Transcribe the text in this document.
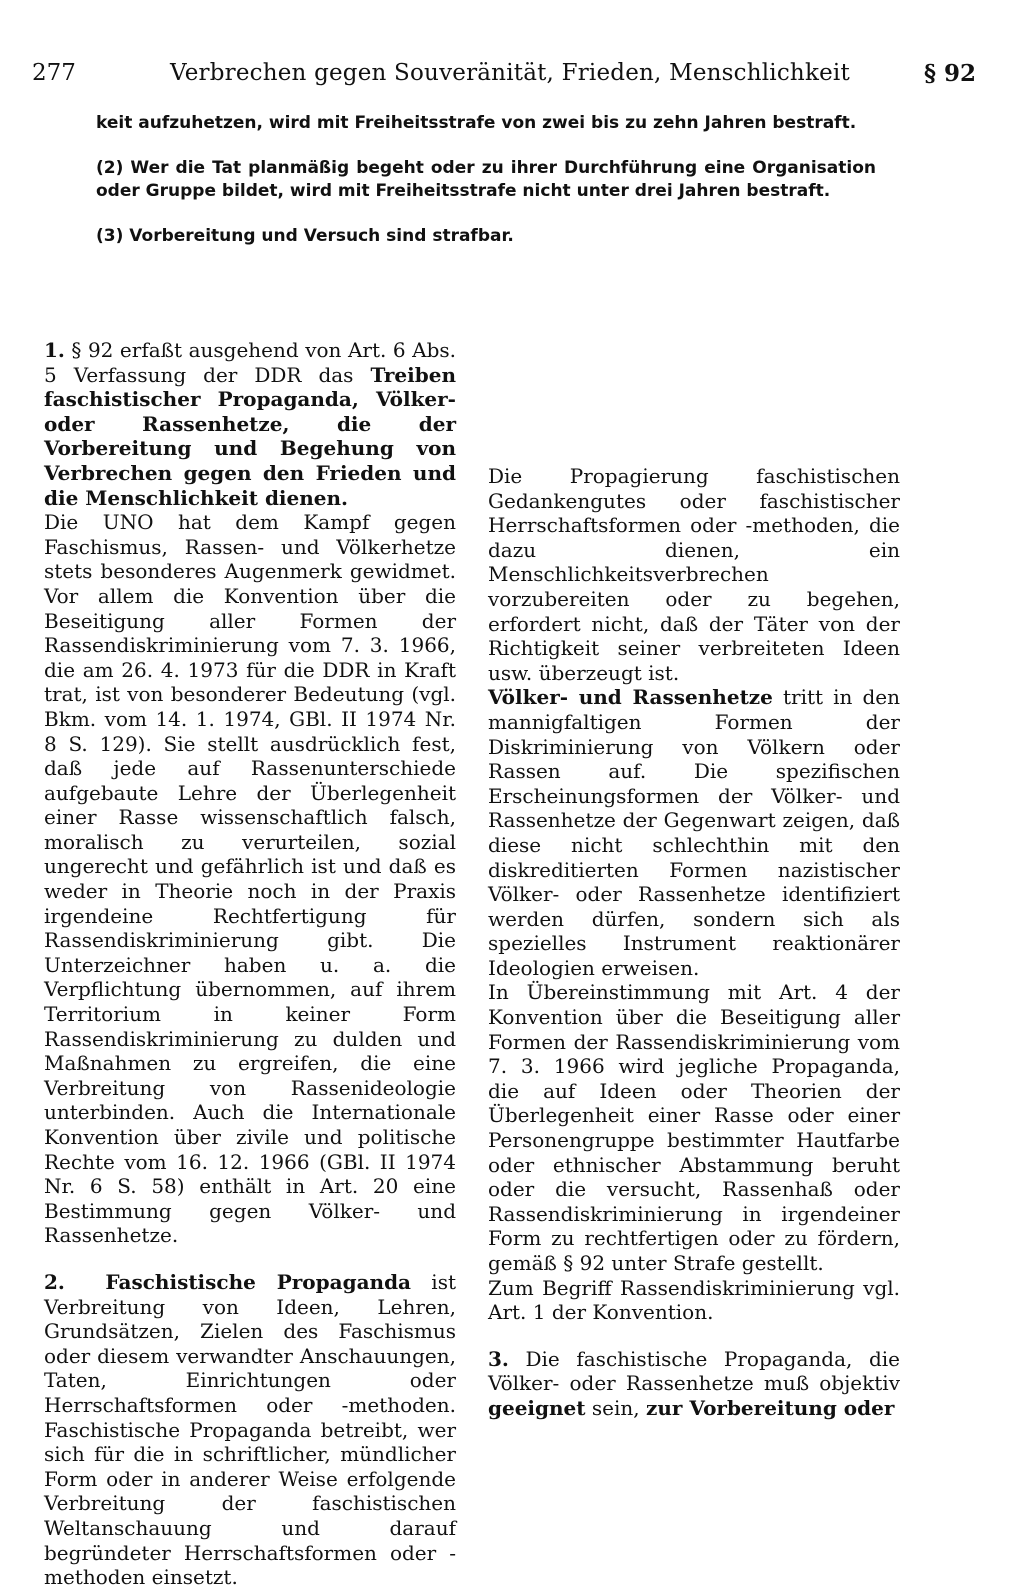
277	Verbrechen gegen Souveränität, Frieden, Menschlichkeit	§ 92

keit aufzuhetzen, wird mit Freiheitsstrafe von zwei bis zu zehn Jahren bestraft.

(2) Wer die Tat planmäßig begeht oder zu ihrer Durchführung eine Organisation oder Gruppe bildet, wird mit Freiheitsstrafe nicht unter drei Jahren bestraft.

(3) Vorbereitung und Versuch sind strafbar.

1. § 92 erfaßt ausgehend von Art. 6 Abs. 5 Verfassung der DDR das Treiben faschistischer Propaganda, Völker- oder Rassenhetze, die der Vorbereitung und Begehung von Verbrechen gegen den Frieden und die Menschlichkeit dienen.

Die UNO hat dem Kampf gegen Faschismus, Rassen- und Völkerhetze stets besonderes Augenmerk gewidmet. Vor allem die Konvention über die Beseitigung aller Formen der Rassendiskriminierung vom 7. 3. 1966, die am 26. 4. 1973 für die DDR in Kraft trat, ist von besonderer Bedeutung (vgl. Bkm. vom 14. 1. 1974, GBl. II 1974 Nr. 8 S. 129). Sie stellt ausdrücklich fest, daß jede auf Rassenunterschiede aufgebaute Lehre der Überlegenheit einer Rasse wissenschaftlich falsch, moralisch zu verurteilen, sozial ungerecht und gefährlich ist und daß es weder in Theorie noch in der Praxis irgendeine Rechtfertigung für Rassendiskriminierung gibt. Die Unterzeichner haben u. a. die Verpflichtung übernommen, auf ihrem Territorium in keiner Form Rassendiskriminierung zu dulden und Maßnahmen zu ergreifen, die eine Verbreitung von Rassenideologie unterbinden. Auch die Internationale Konvention über zivile und politische Rechte vom 16. 12. 1966 (GBl. II 1974 Nr. 6 S. 58) enthält in Art. 20 eine Bestimmung gegen Völker- und Rassenhetze.

2. Faschistische Propaganda ist Verbreitung von Ideen, Lehren, Grundsätzen, Zielen des Faschismus oder diesem verwandter Anschauungen, Taten, Einrichtungen oder Herrschaftsformen oder -methoden. Faschistische Propaganda betreibt, wer sich für die in schriftlicher, mündlicher Form oder in anderer Weise erfolgende Verbreitung der faschistischen Weltanschauung und darauf begründeter Herrschaftsformen oder -methoden einsetzt.

Die Propagierung faschistischen Gedankengutes oder faschistischer Herrschaftsformen oder -methoden, die dazu dienen, ein Menschlichkeitsverbrechen vorzubereiten oder zu begehen, erfordert nicht, daß der Täter von der Richtigkeit seiner verbreiteten Ideen usw. überzeugt ist.

Völker- und Rassenhetze tritt in den mannigfaltigen Formen der Diskriminierung von Völkern oder Rassen auf. Die spezifischen Erscheinungsformen der Völker- und Rassenhetze der Gegenwart zeigen, daß diese nicht schlechthin mit den diskreditierten Formen nazistischer Völker- oder Rassenhetze identifiziert werden dürfen, sondern sich als spezielles Instrument reaktionärer Ideologien erweisen.

In Übereinstimmung mit Art. 4 der Konvention über die Beseitigung aller Formen der Rassendiskriminierung vom 7. 3. 1966 wird jegliche Propaganda, die auf Ideen oder Theorien der Überlegenheit einer Rasse oder einer Personengruppe bestimmter Hautfarbe oder ethnischer Abstammung beruht oder die versucht, Rassenhaß oder Rassendiskriminierung in irgendeiner Form zu rechtfertigen oder zu fördern, gemäß § 92 unter Strafe gestellt.

Zum Begriff Rassendiskriminierung vgl. Art. 1 der Konvention.

3. Die faschistische Propaganda, die Völker- oder Rassenhetze muß objektiv geeignet sein, zur Vorbereitung oder
